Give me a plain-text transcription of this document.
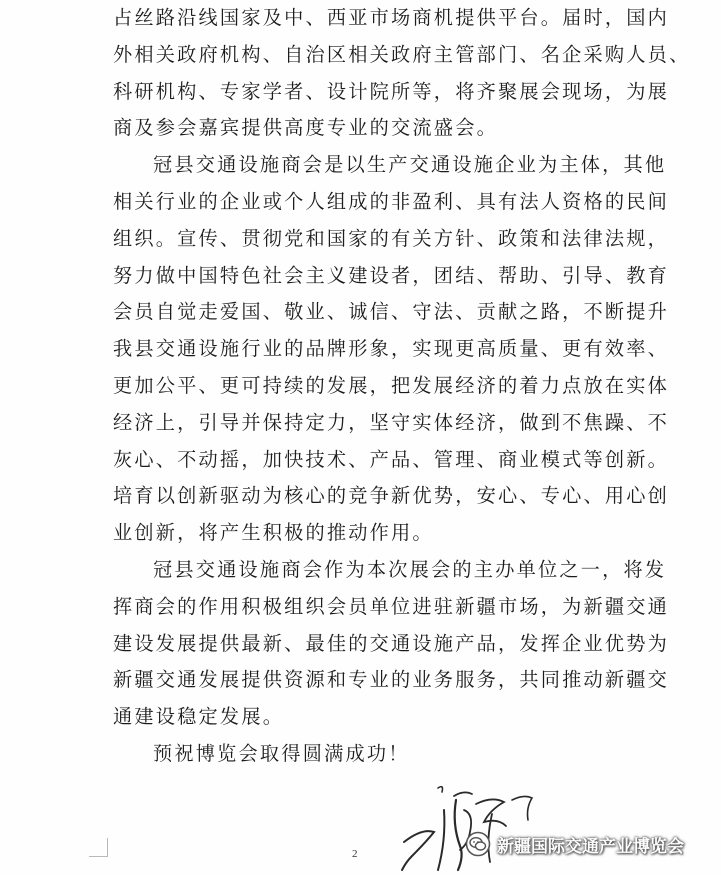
占丝路沿线国家及中、西亚市场商机提供平台。届时，国内
外相关政府机构、自治区相关政府主管部门、名企采购人员、
科研机构、专家学者、设计院所等，将齐聚展会现场，为展
商及参会嘉宾提供高度专业的交流盛会。
冠县交通设施商会是以生产交通设施企业为主体，其他
相关行业的企业或个人组成的非盈利、具有法人资格的民间
组织。宣传、贯彻党和国家的有关方针、政策和法律法规，
努力做中国特色社会主义建设者，团结、帮助、引导、教育
会员自觉走爱国、敬业、诚信、守法、贡献之路，不断提升
我县交通设施行业的品牌形象，实现更高质量、更有效率、
更加公平、更可持续的发展，把发展经济的着力点放在实体
经济上，引导并保持定力，坚守实体经济，做到不焦躁、不
灰心、不动摇，加快技术、产品、管理、商业模式等创新。
培育以创新驱动为核心的竞争新优势，安心、专心、用心创
业创新，将产生积极的推动作用。
冠县交通设施商会作为本次展会的主办单位之一，将发
挥商会的作用积极组织会员单位进驻新疆市场，为新疆交通
建设发展提供最新、最佳的交通设施产品，发挥企业优势为
新疆交通发展提供资源和专业的业务服务，共同推动新疆交
通建设稳定发展。
预祝博览会取得圆满成功！
2	新疆国际交通产业博览会
